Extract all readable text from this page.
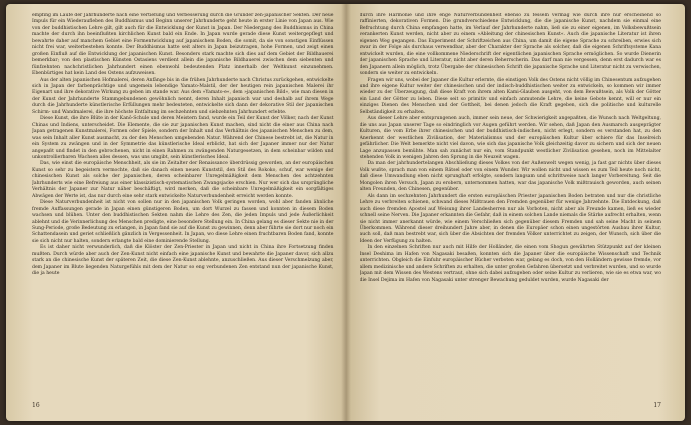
empfing im Laufe der Jahrhunderte nach eine Vertiefung und Verbesserung durch die Gründer zen-japanischer Sekten. Der neue Impuls für ein Wiederaufleben des Buddhismus und Beginn unserer Jahrhunderte geht heute in erster Linie von Japan aus. Wie von der buddhistischen Lehre gilt, gilt auch für die Entwicklung der Kunst in Japan. Der Niedergang des Buddhismus in China machte der durch ihn beeinflußten kirchlichen Kunst bald ein Ende. In Japan wurde gerade diese Kunst weitergepflegt und bewahrte daher auf manchem Gebiet eine Formentwicklung auf japanischem Boden, die somit, da sie von sonstigen Einflüssen nicht frei war, weiterbestehen konnte. Der Buddhismus hatte seit alters in Japan beizutragen, hohe Formen, und zeigt einen großen Einfluß auf die Entwicklung der japanischen Kunst. Besonders stark machte sich dies auf dem Gebiet der Bildhauerei bemerkbar; von den plastischen Künsten Ostasiens verdient allein die japanische Bildhauerei zwischen dem siebenten und fünfzehnten nachchristlichen Jahrhundert einen ebenwohl bedeutenden Platz innerhalb der Weltkunst einzunehmen. Ebenbürtiges hat kein Land des Ostens aufzuweisen.

Aus der alten japanischen Hofmalerei, deren Anfänge bis in die frühen Jahrhunderte nach Christus zurückgehen, entwickelte sich in Japan der farbenprächtige und ungemein lebendige Yamato-Malstil, der der heutigen rein japanischen Malerei ihr Eigenart und ihre dekorative Wirkung zu geben im stande war. Aus dem »Yamato-e«, dem »japanischen Bild«, wie man diesen in der Kunst der Jahrhunderte Stammgebundenen gewöhnlich nennt, deren Inhalt japanisch war und deshalb auf ihrem Wege durch die Jahrhunderte künstlerische Erfüllungen mehr bedeuteten, entwickelte sich dann der dekorative Stil der japanischen Schirm- und Wandmalerei, die ihre höchste Entfaltung im sechzehnten und siebzehnten Jahrhundert erlebte.

Diese Kunst, die ihre Blüte in der Kanô-Schule und deren Meistern fand, wurde ein Teil der Kunst der Völker, nach der Kunst Chinas und Indiens, unterscheidet. Die Elemente, die sie zur japanischen Kunst machen, sind nicht die einer aus China nach Japan getragenen Kunstmalerei, Formen oder Spiele, sondern der Inhalt und das Verhältnis des japanischen Menschen zu dem, was sein Inhalt aller Kunst ausmacht, zu der den Menschen umgebenden Natur. Während der Chinese bestrebt ist, die Natur in ein System zu zwängen und in der Symmetrie das künstlerische Ideal erblickt, hat sich der Japaner immer nur der Natur angepaßt und findet in den gebrochenen, nicht in einen Rahmen zu zwängenden Naturgesetzen, in dem scheinbar wilden und unkontrollierbaren Wachsen alles dessen, was uns umgibt, sein künstlerisches Ideal.

Das, wie einst die europäische Menschheit, als sie im Zeitalter der Renaissance überdrüssig geworden, an der europäischen Kunst so sehr zu begeistern vermochte, daß sie danach einen neuen Kunststil, den Stil des Rokoko, schuf, war wenige der chinesischen Kunst als solche der japanischen, deren scheinbarer Unregelmäßigkeit dem Menschen des achtzehnten Jahrhunderts wie eine Befreiung aus einer klassizistisch-systematischen Zwangsjacke erschien. Nur wer sich das ursprüngliche Verhältnis der Japaner zur Natur näher beschäftigt, wird merken, daß die scheinbare Unregelmäßigkeit ein sorgfältiges Abwägen der Werte ist, das nur durch eine sehr stark entwickelte Naturverbundenheit erreicht werden konnte.

Diese Naturverbundenheit ist nicht von sollen nur in den japanischen Volk geringen worden, wohl aber fanden ähnliche fremde Auffassungen gerade in Japan einen günstigeren Boden, um dort Wurzel zu fassen und konnten in diesem Boden wachsen und blühen. Unter den buddhistischen Sekten nahm die Lehre des Zen, die jeden Impuls und jede Äußerlichkeit ablehnt und die Verinnerlichung des Menschen predigte, eine besondere Stellung ein. In China gelang es dieser Sekte nie in der Sung-Periode, große Bedeutung zu erlangen, in Japan fand sie auf die Kunst zu gewinnen, denn aber führte sie dort nur noch ein Schattendasein und geriet schließlich gänzlich in Vergessenheit. In Japan, wo diese Lehre einen fruchtbaren Boden fand, konnte sie sich nicht nur halten, sondern erlangte bald eine dominierende Stellung.

Es ist daher nicht verwunderlich, daß die Klöster der Zen-Priester in Japan und nicht in China ihre Fortsetzung finden mußten. Durch würde aber auch der Zen-Kunst nicht einfach eine japanische Kunst und bewahrte die Japaner davor, sich allzu stark an die chinesische Kunst der späteren Zeit, die diese Zen-Kunst ablehnte, anzuschließen. Aus dieser Verschmelzung aber, dem Japaner im Blute liegenden Naturgefühls mit dem der Natur so eng verbundenen Zen entstand nun der japanische Kunst, die ja heute

16

durch ihre Harmonie und ihre enge Naturverbundenheit ebenso zu fesseln vermag wie durch ihre nur erscheinend so raffinierten, dekorativen Formen. Die grundverschiedene Entwicklung, die die japanische Kunst, nachdem sie einmal eine Befruchtung durch China empfangen hatte, im Verlauf der Jahrhunderte nahm, ließ sie zu einer eigenen, im Volksbewußtsein verankerten Kunst werden, nicht aber zu einem »Ableitung der chinesischen Kunst«. Auch die japanische Literatur ist ihren eigenen Weg gegangen. Das Experiment der Schriftzeichen aus China, um damit die eigene Sprache zu schreiben, erwies sich zwar in der Folge als durchaus verwendbar, aber der Charakter der Sprache als solcher, daß die eigenen Schriftsysteme Kana entwickelt wurden, die eine vollkommene Niederschrift der eigentlichen japanischen Sprache ermöglichen. So wurde Dienerin der japanischen Sprache und Literatur, nicht aber deren Beherrscherin. Das darf man nie vergessen, denn erst dadurch war es den Japanern allein möglich, trotz Übergabe der chinesischen Schrift die japanische Sprache und Literatur nicht zu verwischen, sondern sie weiter zu entwickeln.

Fragen wir uns, wobei der Japaner die Kultur erlernte, die einstigen Volk des Ostens nicht völlig im Chinesentum aufzugehen und ihre eigene Kultur weiter der chinesischen und der indisch-buddhistischen weiter zu entwickeln, so kommen wir immer wieder zu der Überzeugung, daß diese Kraft von ihrem alten Kami-Glauben ausgeht, von dem Bewußtsein, als Volk der Götter ein Land der Götter zu leben. Diese seit so primitiv und einfach anmutende Lehre, die keine Gebote kennt, will er nur ein einziges Dienen des Menschen und der Gottheit, bei denen jedoch die Kraft gegeben, sich die politische und kulturelle Selbständigkeit zu erhalten.

Aus dieser Lehre aber entsprungenen auch, immer sein neue, der Schwierigkeit angepaßten, die Wunsch nach Weltgeltung, die uns aus Japan unserer Tage so eindringlich vor Augen geführt werden. Wir sehen, daß Japan den Ausmarsch ausgeprägter Kulturen, die vom Erbe ihrer chinesischen und der buddhistisch-indischen, nicht erlegt, sondern es verstanden hat, zu den Anerkennt der westlichen Zivilisation, der Materialismus und der europäischen Kultur über schiere für das Inselreich gefährlicher. Die Welt bemerkte nicht viel davon, wie sich das japanische Volk gleichzeitig davor zu sichern und sich der neuen Lage anzupassen bemühte. Man sah zunächst nur ein, vom Standpunkt westlicher Zivilisation gesehen, noch im Mittelalter stehenden Volk in wenigen Jahren den Sprung in die Neuzeit wagen.

Da man der jahrhundertelangen Abschließung dieses Volkes von der Außenwelt wegen wenig, ja fast gar nichts über dieses Volk wußte, sprach man von einem Rätsel oder von einem Wunder. Wir wollen nicht und wissen es zum Teil heute noch nicht, daß diese Umwandlung eben nicht sprunghaft erfolgte, sondern langsam und schrittweise nach langer Vorbereitung. Seit die Mongolen ihren Versuch, Japan zu erobern, unternommen hatten, war das japanische Volk mißtrauisch geworden, auch seinen alten Freunden, den Chinesen, gegenüber.

Als dann im sechzehnten Jahrhundert die ersten europäischen Priester japanischen Boden betraten und nur die christliche Lehre zu verbreiten schienen, schwand dieses Mißtrauen den Fremden gegenüber für wenige Jahrzehnte. Die Entdeckung, daß auch diese fremden Apostel auf Weisung ihrer Landesherren nur als Vorboten, nicht aber als Freunde kamen, ließ es wieder schnell seine Nerven. Die Japaner erkannten die Gefahr, daß in einem solchen Lande niemals die Stärke aufrecht erhalten, wenn sie nicht immer anerkannt würde, wie einem Verschließen sich gegenüber diesem Fremden und sah seine Macht in seinem Überkommen. Während dieser dreihundert Jahre aber, in denen die Europäer schon einen ungestörten Ausbau ihrer Kultur, auch soll, daß man bestrebt war, sich über die Absichten der fremden Völker unterrichtet zu zeigen, der Wunsch, sich über die Ideen der Verfügung zu halten.

In den einzelnen Schriften nur auch mit Hilfe der Holländer, die einen vom Shogun gewährten Stützpunkt auf der kleinen Insel Deshima im Hafen von Nagasaki besaßen, konnten sich die Japaner über die europäische Wissenschaft und Technik unterrichten. Obgleich die Einfuhr europäischer Bücher verboten war, gelang es doch, von den Holländern gewisse fremde, vor allem medizinische und andere Schriften zu erhalten, die unter großen Gefahren übersetzt und verbreitet wurden, und so wurde Japan mit dem Wissen des Westens vertraut, ohne sich dabei aufzugeben oder seine Kultur zu verlieren, wie sie es etwa war, wo die Insel Dejima im Hafen von Nagasaki unter strenger Bewachung geduldet wurden, wurde Nagasaki der

17
